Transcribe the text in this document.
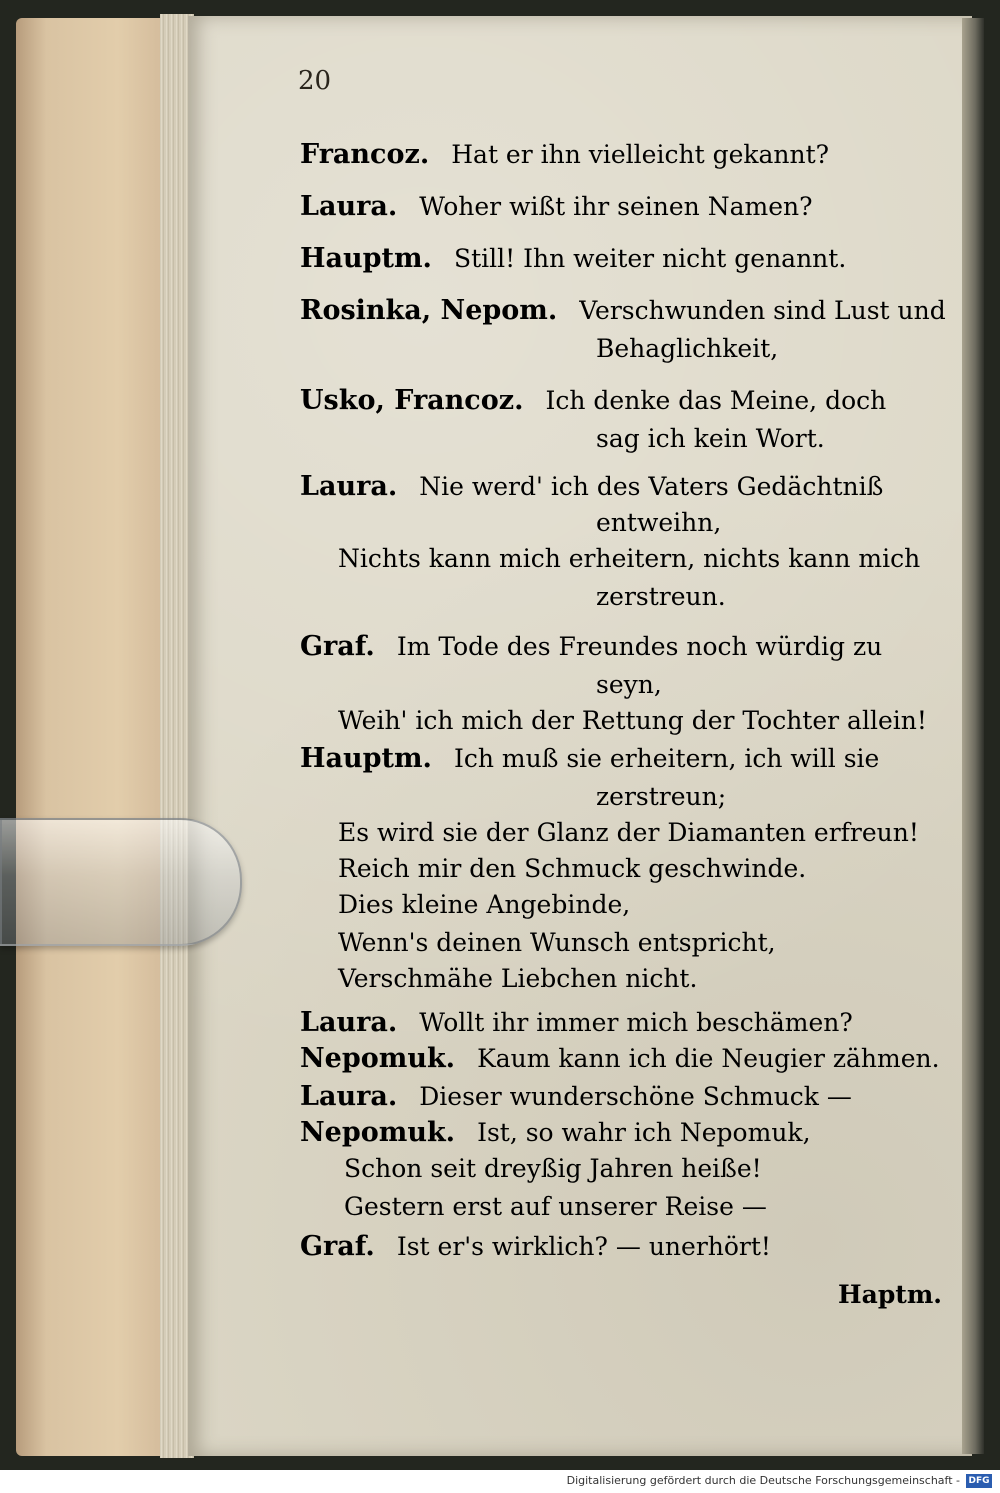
20
Francoz. Hat er ihn vielleicht gekannt?
Laura. Woher wißt ihr seinen Namen?
Hauptm. Still! Ihn weiter nicht genannt.
Rosinka, Nepom. Verschwunden sind Lust und
Behaglichkeit,
Usko, Francoz. Ich denke das Meine, doch
sag ich kein Wort.
Laura. Nie werd' ich des Vaters Gedächtniß
entweihn,
Nichts kann mich erheitern, nichts kann mich
zerstreun.
Graf. Im Tode des Freundes noch würdig zu
seyn,
Weih' ich mich der Rettung der Tochter allein!
Hauptm. Ich muß sie erheitern, ich will sie
zerstreun;
Es wird sie der Glanz der Diamanten erfreun!
Reich mir den Schmuck geschwinde.
Dies kleine Angebinde,
Wenn's deinen Wunsch entspricht,
Verschmähe Liebchen nicht.
Laura. Wollt ihr immer mich beschämen?
Nepomuk. Kaum kann ich die Neugier zähmen.
Laura. Dieser wunderschöne Schmuck —
Nepomuk. Ist, so wahr ich Nepomuk,
Schon seit dreyßig Jahren heiße!
Gestern erst auf unserer Reise —
Graf. Ist er's wirklich? — unerhört!
Haptm.
Digitalisierung gefördert durch die Deutsche Forschungsgemeinschaft - DFG
